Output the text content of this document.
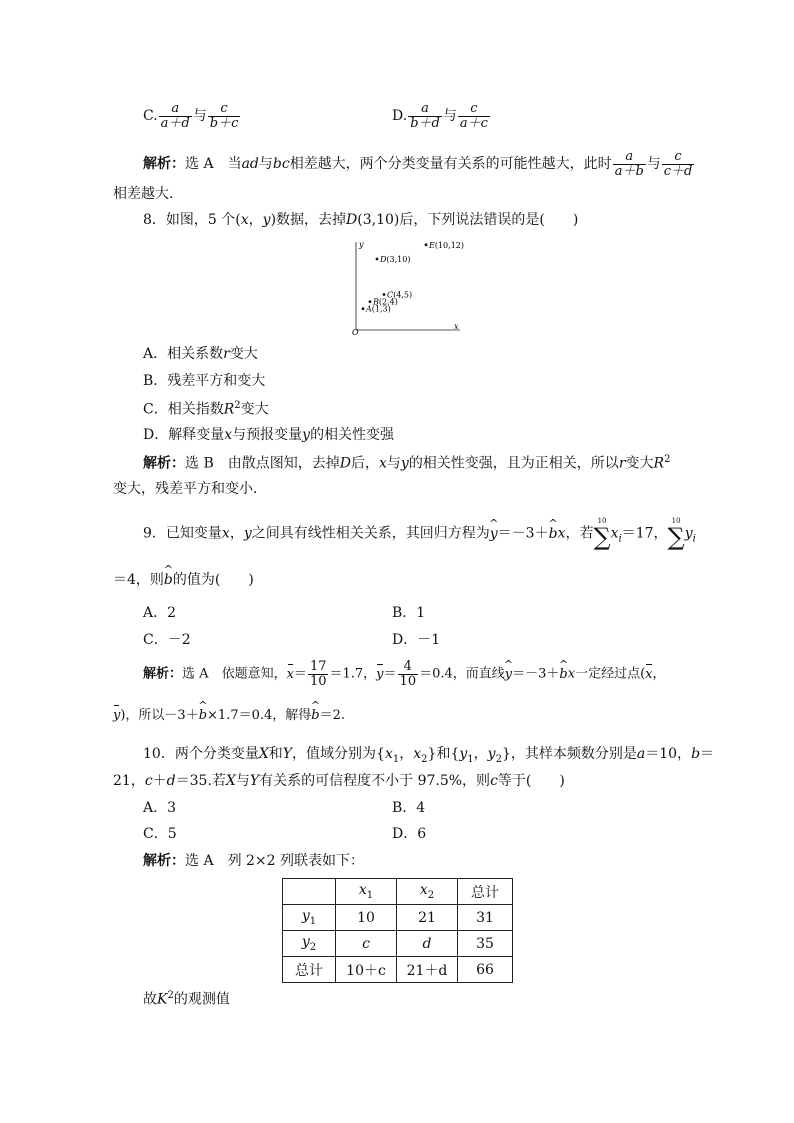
C. $\frac{a}{a+d}$ 与 $\frac{c}{b+c}$	D. $\frac{a}{b+d}$ 与 $\frac{c}{a+c}$
解析：选 A　 当ad与bc相差越大，两个分类变量有关系的可能性越大，此时 $\frac{a}{a+b}$ 与 $\frac{c}{c+d}$
相差越大．
8．如图，5 个(x，y)数据，去掉D(3,10)后，下列说法错误的是(　　)
y
x
O
A(1,3)
B(2,4)
C(4,5)
D(3,10)
E(10,12)
A．相关系数r变大
B．残差平方和变大
C．相关指数$R^2$变大
D．解释变量x与预报变量y的相关性变强
解析：选 B　 由散点图知，去掉D后，x与y的相关性变强，且为正相关，所以r变大$R^2$
变大，残差平方和变小．
9．已知变量x，y之间具有线性相关关系，其回归方程为^ y＝－3＋^ bx，若
10
∑ $x_i=17$，
10
∑ $y_i$
＝4，则^ b的值为(　　)
A．2	B．1
C．－2	D．－1
解析：选 A　 依题意知，$x= \frac{17}{10} =1.7$，$y= \frac{4}{10} =0.4$，而直线^ y＝－3＋^ bx一定经过点(x，
y)，所以－3＋^ b×1.7＝0.4，解得^ b＝2.
10．两个分类变量X和Y，值域分别为{$x_1$，$x_2$}和{$y_1$，$y_2$}，其样本频数分别是a＝10，b＝
21，c＋d＝35.若X与Y有关系的可信程度不小于 97.5%，则c等于(　　)
A．3	B．4
C．5	D．6
解析：选 A　 列 2×2 列联表如下：
	$x_1$	$x_2$	总计
$y_1$	10	21	31
$y_2$	c	d	35
总计	10＋c	21＋d	66
故$K^2$的观测值
